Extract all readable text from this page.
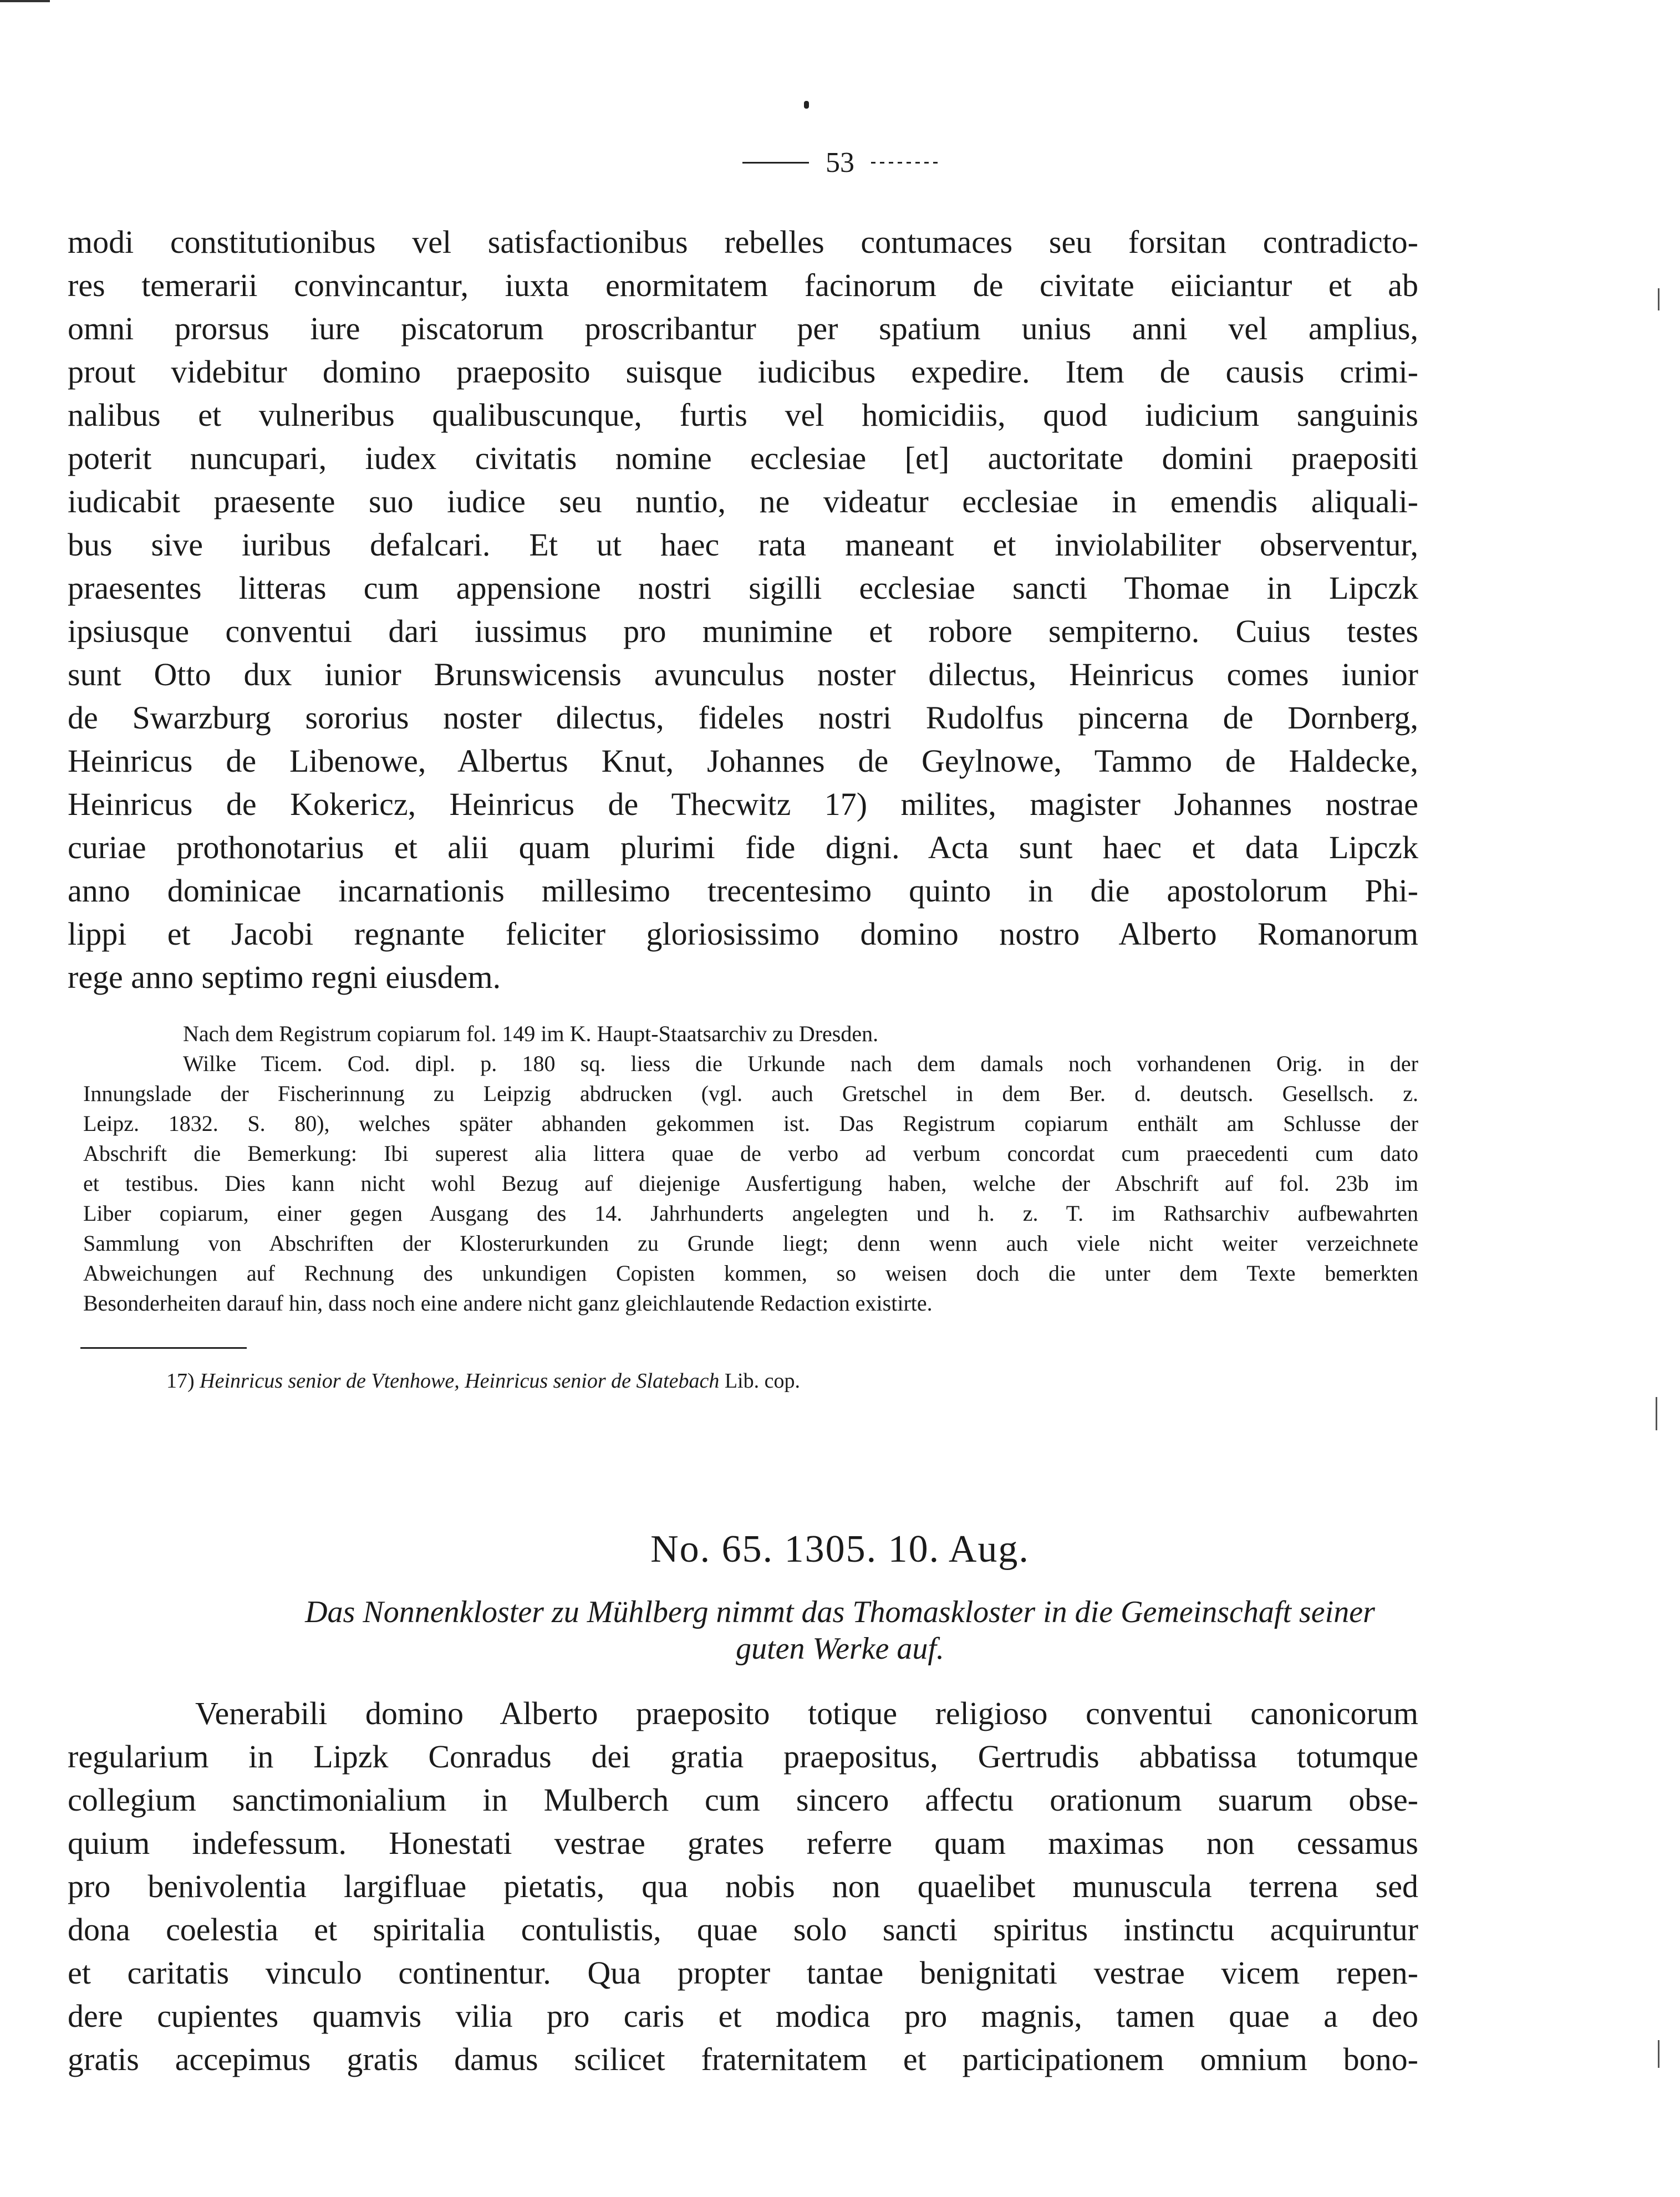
53
modi constitutionibus vel satisfactionibus rebelles contumaces seu forsitan contradicto-
res temerarii convincantur, iuxta enormitatem facinorum de civitate eiiciantur et ab
omni prorsus iure piscatorum proscribantur per spatium unius anni vel amplius,
prout videbitur domino praeposito suisque iudicibus expedire. Item de causis crimi-
nalibus et vulneribus qualibuscunque, furtis vel homicidiis, quod iudicium sanguinis
poterit nuncupari, iudex civitatis nomine ecclesiae [et] auctoritate domini praepositi
iudicabit praesente suo iudice seu nuntio, ne videatur ecclesiae in emendis aliquali-
bus sive iuribus defalcari. Et ut haec rata maneant et inviolabiliter observentur,
praesentes litteras cum appensione nostri sigilli ecclesiae sancti Thomae in Lipczk
ipsiusque conventui dari iussimus pro munimine et robore sempiterno. Cuius testes
sunt Otto dux iunior Brunswicensis avunculus noster dilectus, Heinricus comes iunior
de Swarzburg sororius noster dilectus, fideles nostri Rudolfus pincerna de Dornberg,
Heinricus de Libenowe, Albertus Knut, Johannes de Geylnowe, Tammo de Haldecke,
Heinricus de Kokericz, Heinricus de Thecwitz 17) milites, magister Johannes nostrae
curiae prothonotarius et alii quam plurimi fide digni. Acta sunt haec et data Lipczk
anno dominicae incarnationis millesimo trecentesimo quinto in die apostolorum Phi-
lippi et Jacobi regnante feliciter gloriosissimo domino nostro Alberto Romanorum
rege anno septimo regni eiusdem.
Nach dem Registrum copiarum fol. 149 im K. Haupt-Staatsarchiv zu Dresden.
Wilke Ticem. Cod. dipl. p. 180 sq. liess die Urkunde nach dem damals noch vorhandenen Orig. in der
Innungslade der Fischerinnung zu Leipzig abdrucken (vgl. auch Gretschel in dem Ber. d. deutsch. Gesellsch. z.
Leipz. 1832. S. 80), welches später abhanden gekommen ist. Das Registrum copiarum enthält am Schlusse der
Abschrift die Bemerkung: Ibi superest alia littera quae de verbo ad verbum concordat cum praecedenti cum dato
et testibus. Dies kann nicht wohl Bezug auf diejenige Ausfertigung haben, welche der Abschrift auf fol. 23b im
Liber copiarum, einer gegen Ausgang des 14. Jahrhunderts angelegten und h. z. T. im Rathsarchiv aufbewahrten
Sammlung von Abschriften der Klosterurkunden zu Grunde liegt; denn wenn auch viele nicht weiter verzeichnete
Abweichungen auf Rechnung des unkundigen Copisten kommen, so weisen doch die unter dem Texte bemerkten
Besonderheiten darauf hin, dass noch eine andere nicht ganz gleichlautende Redaction existirte.
17) Heinricus senior de Vtenhowe, Heinricus senior de Slatebach Lib. cop.
No. 65. 1305. 10. Aug.
Das Nonnenkloster zu Mühlberg nimmt das Thomaskloster in die Gemeinschaft seiner
guten Werke auf.
Venerabili domino Alberto praeposito totique religioso conventui canonicorum
regularium in Lipzk Conradus dei gratia praepositus, Gertrudis abbatissa totumque
collegium sanctimonialium in Mulberch cum sincero affectu orationum suarum obse-
quium indefessum. Honestati vestrae grates referre quam maximas non cessamus
pro benivolentia largifluae pietatis, qua nobis non quaelibet munuscula terrena sed
dona coelestia et spiritalia contulistis, quae solo sancti spiritus instinctu acquiruntur
et caritatis vinculo continentur. Qua propter tantae benignitati vestrae vicem repen-
dere cupientes quamvis vilia pro caris et modica pro magnis, tamen quae a deo
gratis accepimus gratis damus scilicet fraternitatem et participationem omnium bono-
